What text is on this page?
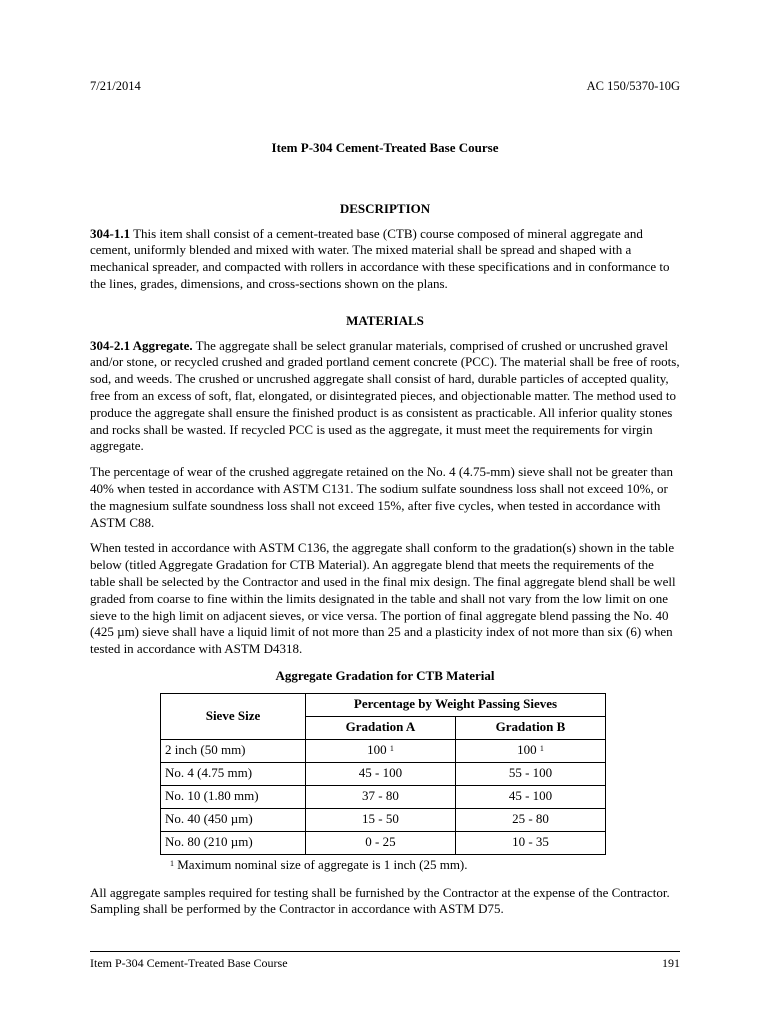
7/21/2014	AC 150/5370-10G
Item P-304 Cement-Treated Base Course
DESCRIPTION

304-1.1 This item shall consist of a cement-treated base (CTB) course composed of mineral aggregate and cement, uniformly blended and mixed with water. The mixed material shall be spread and shaped with a mechanical spreader, and compacted with rollers in accordance with these specifications and in conformance to the lines, grades, dimensions, and cross-sections shown on the plans.

MATERIALS

304-2.1 Aggregate. The aggregate shall be select granular materials, comprised of crushed or uncrushed gravel and/or stone, or recycled crushed and graded portland cement concrete (PCC). The material shall be free of roots, sod, and weeds. The crushed or uncrushed aggregate shall consist of hard, durable particles of accepted quality, free from an excess of soft, flat, elongated, or disintegrated pieces, and objectionable matter. The method used to produce the aggregate shall ensure the finished product is as consistent as practicable. All inferior quality stones and rocks shall be wasted. If recycled PCC is used as the aggregate, it must meet the requirements for virgin aggregate.

The percentage of wear of the crushed aggregate retained on the No. 4 (4.75-mm) sieve shall not be greater than 40% when tested in accordance with ASTM C131. The sodium sulfate soundness loss shall not exceed 10%, or the magnesium sulfate soundness loss shall not exceed 15%, after five cycles, when tested in accordance with ASTM C88.

When tested in accordance with ASTM C136, the aggregate shall conform to the gradation(s) shown in the table below (titled Aggregate Gradation for CTB Material). An aggregate blend that meets the requirements of the table shall be selected by the Contractor and used in the final mix design. The final aggregate blend shall be well graded from coarse to fine within the limits designated in the table and shall not vary from the low limit on one sieve to the high limit on adjacent sieves, or vice versa. The portion of final aggregate blend passing the No. 40 (425 µm) sieve shall have a liquid limit of not more than 25 and a plasticity index of not more than six (6) when tested in accordance with ASTM D4318.

Aggregate Gradation for CTB Material
Sieve Size	Percentage by Weight Passing Sieves	
	Gradation A	Gradation B
2 inch (50 mm)	100 $^1$	100 $^1$
No. 4 (4.75 mm)	45 - 100	55 - 100
No. 10 (1.80 mm)	37 - 80	45 - 100
No. 40 (450 µm)	15 - 50	25 - 80
No. 80 (210 µm)	0 - 25	10 - 35
$^1$ Maximum nominal size of aggregate is 1 inch (25 mm).

All aggregate samples required for testing shall be furnished by the Contractor at the expense of the Contractor. Sampling shall be performed by the Contractor in accordance with ASTM D75.

Item P-304 Cement-Treated Base Course	191
